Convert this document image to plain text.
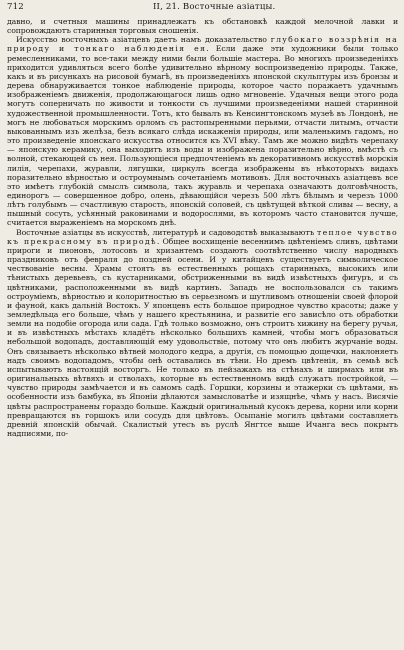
712	II, 21. Восточные азіатцы.

давно, и счетныя машины принадлежатъ къ обстановкѣ каждой мелочной лавки и сопровождаютъ старинныя торговыя сношенія.

Искусство восточныхъ азіатцевъ даетъ намъ доказательство глубокаго воззрѣнія на природу и тонкаго наблюденія ея. Если даже эти художники были только ремесленниками, то все-таки между ними были большіе мастера. Во многихъ произведеніяхъ приходится удивляться всего болѣе удивительно вѣрному воспроизведенію природы. Также, какъ и въ рисункахъ на рисовой бумагѣ, въ произведеніяхъ японской скульптуры изъ бронзы и дерева обнаруживается тонкое наблюденіе природы, которое часто поражаетъ удачнымъ изображеніемъ движенія, продолжающагося лишь одно мгновеніе. Удачныя вещи этого рода могутъ соперничать по живости и тонкости съ лучшими произведеніями нашей старинной художественной промышленности. Тотъ, кто бывалъ въ Кенсингтонскомъ музеѣ въ Лондонѣ, не могъ не любоваться морскимъ орломъ съ растопыренными перьями, отчасти литымъ, отчасти выкованнымъ изъ желѣза, безъ всякаго слѣда искаженія природы, или маленькимъ гадомъ, но это произведеніе японскаго искусства относится къ XVI вѣку. Тамъ же можно видѣть черепаху — японскую керамику, она выходитъ изъ воды и изображена поразительно вѣрно, вмѣстѣ съ волной, стекающей съ нея. Пользующіеся предпочтеніемъ въ декоративномъ искусствѣ морскія лилія, черепахи, журавли, лягушки, циркулъ всегда изображены въ нѣкоторыхъ видахъ поразительно вѣрностью и остроумнымъ сочетаніемъ мотивовъ. Для восточныхъ азіатцевъ все это имѣетъ глубокій смыслъ символа, такъ журавль и черепаха означаютъ долговѣчность, единорогъ — совершенное добро, олень, дѣвающійся черезъ 500 лѣтъ бѣлымъ и черезъ 1000 лѣтъ голубымъ — счастливую старость, японскій соловей, съ цвѣтущей вѣткой сливы — весну, а пышный сосуть, усѣянный раковинами и водорослями, въ которомъ часто становится лучше, считается выраженіемъ на морскомъ днѣ.

Восточные азіатцы въ искусствѣ, литературѣ и садоводствѣ выказываютъ теплое чувство къ прекрасному въ природѣ. Общее восхищеніе весеннимъ цвѣтеніемъ сливъ, цвѣтами прироги и пионовъ, лотосовъ и хризантемъ создаютъ соотвѣтственно числу народныхъ праздниковъ отъ февраля до поздней осени. И у китайцевъ существуетъ символическое чествованіе весны. Храмы стоятъ въ естественныхъ рощахъ старинныхъ, высокихъ или тѣнистыхъ деревьевъ, съ кустарниками, обстриженными въ видѣ извѣстныхъ фигуръ, и съ цвѣтниками, расположенными въ видѣ картинъ. Западъ не воспользовался съ такимъ остроуміемъ, вѣрностью и колоритностью въ серьезномъ и шутливомъ отношеніи своей флорой и фауной, какъ дальній Востокъ. У японцевъ есть большое природное чувство красоты; даже у земледѣльца его больше, чѣмъ у нашего крестьянина, и развитіе его зависѣло отъ обработки земли на подобіе огорода или сада. Гдѣ только возможно, онъ строитъ хижину на берегу ручья, и въ извѣстныхъ мѣстахъ кладётъ нѣсколько большихъ камней, чтобы могъ образоваться небольшой водопадъ, доставляющій ему удовольствіе, потому что онъ любитъ журчаніе воды. Онъ связываетъ нѣсколько вѣтвей молодого кедра, а другія, съ помощью дощечки, наклоняетъ надъ своимъ водопадомъ, чтобы онѣ оставались въ тѣни. Но дремъ цвѣтенія, въ семьѣ всѣ испытываютъ настоящій восторгъ. Не только въ пейзажахъ на стѣнахъ и ширмахъ или въ оригинальныхъ вѣтвяхъ и стволахъ, которые въ естественномъ видѣ служатъ постройкой, — чувство природы замѣчается и въ самомъ садѣ. Горшки, корзины и этажерки съ цвѣтами, въ особенности изъ бамбука, въ Японіи дѣлаются замысловатѣе и изящнѣе, чѣмъ у насъ. Висячіе цвѣты распространены гораздо больше. Каждый оригинальный кусокъ дерева, корни или корни превращаются въ горшокъ или сосудъ для цвѣтовъ. Осыпаніе могилъ цвѣтами составляетъ древній японскій обычай. Скалистый утесъ въ руслѣ Янгтсе выше Ичанга весь покрытъ надписями, по-
